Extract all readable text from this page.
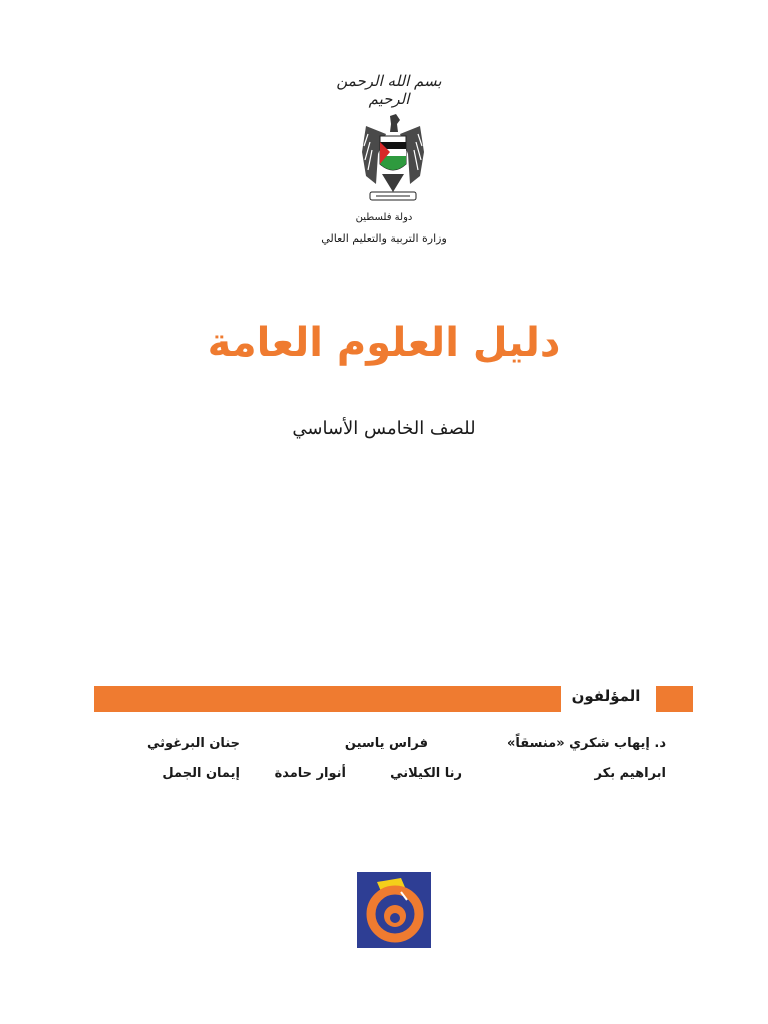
بسم الله الرحمن الرحيم
دولة فلسطين
وزارة التربية والتعليم العالي
دليل العلوم العامة
للصف الخامس الأساسي
المؤلفون
د. إيهاب شكري «منسقاً»
فراس ياسين
جنان البرغوثي
ابراهيم بكر
رنا الكيلاني
أنوار حامدة
إيمان الجمل
